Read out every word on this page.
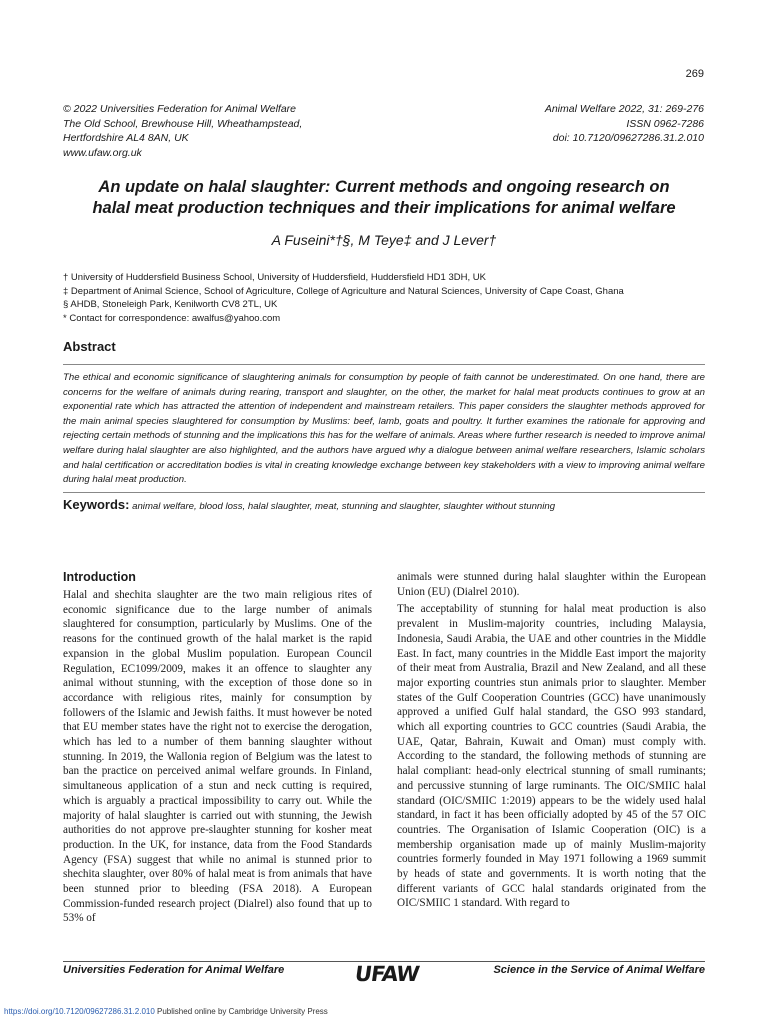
269
© 2022 Universities Federation for Animal Welfare
The Old School, Brewhouse Hill, Wheathampstead,
Hertfordshire AL4 8AN, UK
www.ufaw.org.uk
Animal Welfare 2022, 31: 269-276
ISSN 0962-7286
doi: 10.7120/09627286.31.2.010
An update on halal slaughter: Current methods and ongoing research on
halal meat production techniques and their implications for animal welfare
A Fuseini*†§, M Teye‡ and J Lever†
† University of Huddersfield Business School, University of Huddersfield, Huddersfield HD1 3DH, UK
‡ Department of Animal Science, School of Agriculture, College of Agriculture and Natural Sciences, University of Cape Coast, Ghana
§ AHDB, Stoneleigh Park, Kenilworth CV8 2TL, UK
* Contact for correspondence: awalfus@yahoo.com
Abstract
The ethical and economic significance of slaughtering animals for consumption by people of faith cannot be underestimated. On one hand, there are concerns for the welfare of animals during rearing, transport and slaughter, on the other, the market for halal meat products continues to grow at an exponential rate which has attracted the attention of independent and mainstream retailers. This paper considers the slaughter methods approved for the main animal species slaughtered for consumption by Muslims: beef, lamb, goats and poultry. It further examines the rationale for approving and rejecting certain methods of stunning and the implications this has for the welfare of animals. Areas where further research is needed to improve animal welfare during halal slaughter are also highlighted, and the authors have argued why a dialogue between animal welfare researchers, Islamic scholars and halal certification or accreditation bodies is vital in creating knowledge exchange between key stakeholders with a view to improving animal welfare during halal meat production.
Keywords: animal welfare, blood loss, halal slaughter, meat, stunning and slaughter, slaughter without stunning
Introduction

Halal and shechita slaughter are the two main religious rites of economic significance due to the large number of animals slaughtered for consumption, particularly by Muslims. One of the reasons for the continued growth of the halal market is the rapid expansion in the global Muslim population. European Council Regulation, EC1099/2009, makes it an offence to slaughter any animal without stunning, with the exception of those done so in accordance with religious rites, mainly for consumption by followers of the Islamic and Jewish faiths. It must however be noted that EU member states have the right not to exercise the derogation, which has led to a number of them banning slaughter without stunning. In 2019, the Wallonia region of Belgium was the latest to ban the practice on perceived animal welfare grounds. In Finland, simultaneous application of a stun and neck cutting is required, which is arguably a practical impossibility to carry out. While the majority of halal slaughter is carried out with stunning, the Jewish authorities do not approve pre-slaughter stunning for kosher meat production. In the UK, for instance, data from the Food Standards Agency (FSA) suggest that while no animal is stunned prior to shechita slaughter, over 80% of halal meat is from animals that have been stunned prior to bleeding (FSA 2018). A European Commission-funded research project (Dialrel) also found that up to 53% of

animals were stunned during halal slaughter within the European Union (EU) (Dialrel 2010).

The acceptability of stunning for halal meat production is also prevalent in Muslim-majority countries, including Malaysia, Indonesia, Saudi Arabia, the UAE and other countries in the Middle East. In fact, many countries in the Middle East import the majority of their meat from Australia, Brazil and New Zealand, and all these major exporting countries stun animals prior to slaughter. Member states of the Gulf Cooperation Countries (GCC) have unanimously approved a unified Gulf halal standard, the GSO 993 standard, which all exporting countries to GCC countries (Saudi Arabia, the UAE, Qatar, Bahrain, Kuwait and Oman) must comply with. According to the standard, the following methods of stunning are halal compliant: head-only electrical stunning of small ruminants; and percussive stunning of large ruminants. The OIC/SMIIC halal standard (OIC/SMIIC 1:2019) appears to be the widely used halal standard, in fact it has been officially adopted by 45 of the 57 OIC countries. The Organisation of Islamic Cooperation (OIC) is a membership organisation made up of mainly Muslim-majority countries formerly founded in May 1971 following a 1969 summit by heads of state and governments. It is worth noting that the different variants of GCC halal standards originated from the OIC/SMIIC 1 standard. With regard to

Universities Federation for Animal Welfare	UFAW	Science in the Service of Animal Welfare
https://doi.org/10.7120/09627286.31.2.010 Published online by Cambridge University Press
